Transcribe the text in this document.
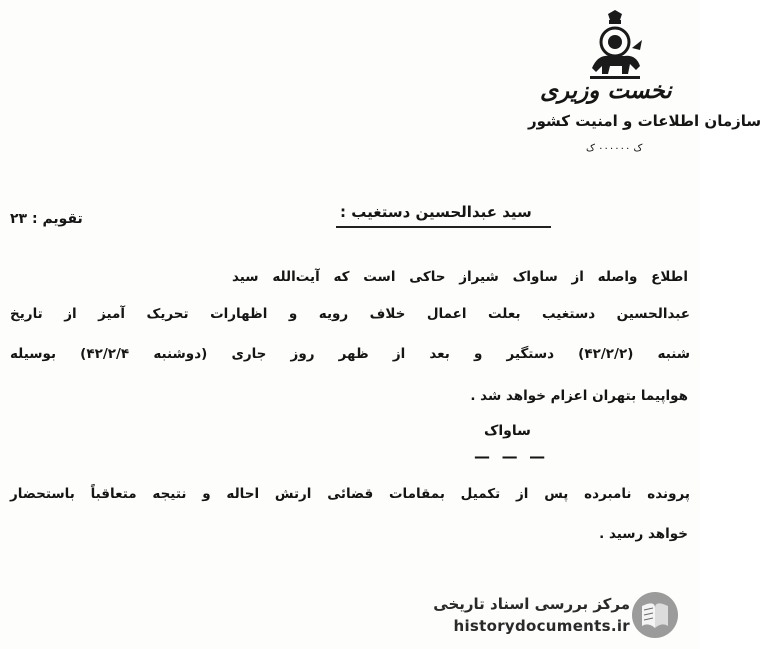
نخست وزیری
سازمان اطلاعات و امنیت کشور
ک ۰۰۰۰۰۰ ک
تقویم : ۲۳	سید عبدالحسین دستغیب :
اطلاع واصله از ساواک شیراز حاکی است که آیت‌الله سید
عبدالحسین دستغیب بعلت اعمال خلاف رویه و اظهارات تحریک آمیز از تاریخ
شنبه (۴۲/۲/۲) دستگیر و بعد از ظهر روز جاری (دوشنبه ۴۲/۲/۴) بوسیله
هواپیما بتهران اعزام خواهد شد .
ساواک
— — —
پرونده نامبرده پس از تکمیل بمقامات قضائی ارتش احاله و نتیجه متعاقباً باستحضار
خواهد رسید .
مرکز بررسی اسناد تاریخی
historydocuments.ir
